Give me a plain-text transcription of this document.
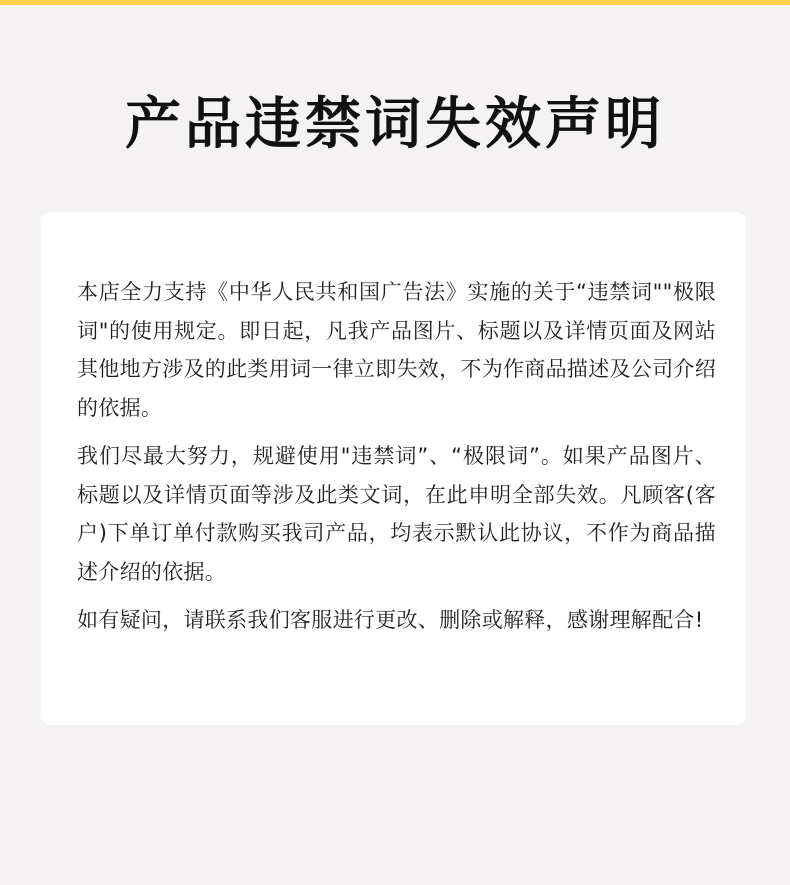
产品违禁词失效声明

本店全力支持《中华人民共和国广告法》实施的关于“违禁词""极限词"的使用规定。即日起，凡我产品图片、标题以及详情页面及网站其他地方涉及的此类用词一律立即失效，不为作商品描述及公司介绍的依据。

我们尽最大努力，规避使用"违禁词”、“极限词”。如果产品图片、标题以及详情页面等涉及此类文词，在此申明全部失效。凡顾客(客户)下单订单付款购买我司产品，均表示默认此协议，不作为商品描述介绍的依据。

如有疑问，请联系我们客服进行更改、删除或解释，感谢理解配合!
